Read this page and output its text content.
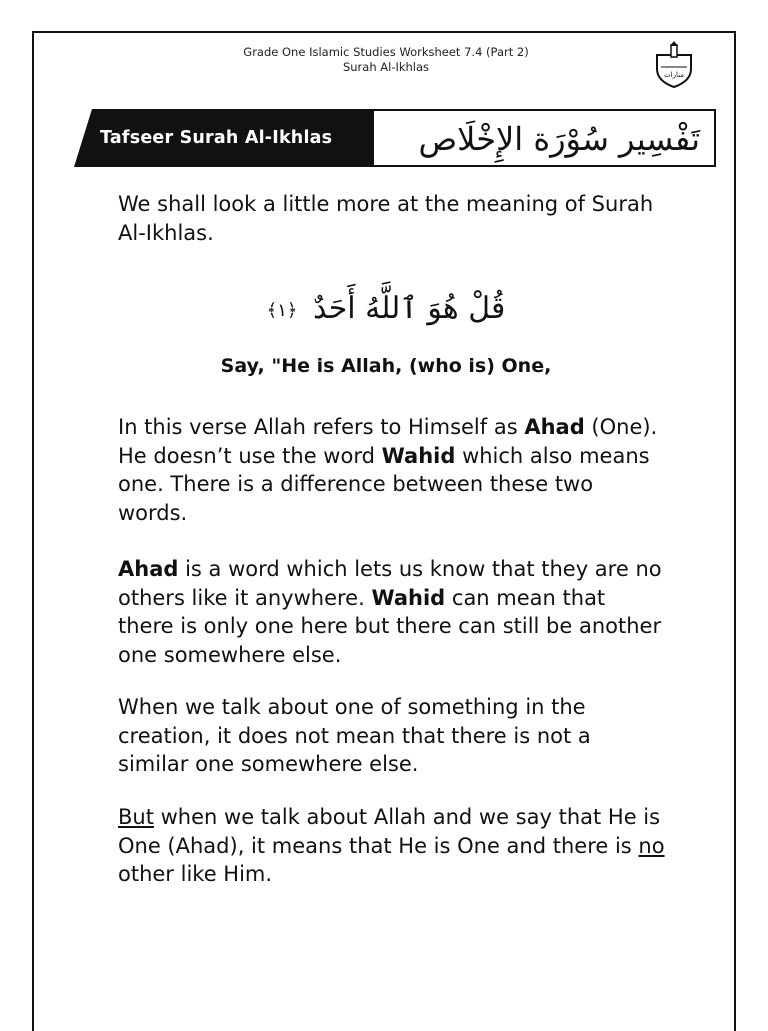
Grade One Islamic Studies Worksheet 7.4 (Part 2)
Surah Al-Ikhlas
منارات
Tafseer Surah Al-Ikhlas	تَفْسِير سُوْرَة الإِخْلَاص
We shall look a little more at the meaning of Surah Al-Ikhlas.
قُلْ هُوَ ٱللَّهُ أَحَدٌ ﴿١﴾
Say, "He is Allah, (who is) One,
In this verse Allah refers to Himself as Ahad (One). He doesn’t use the word Wahid which also means one. There is a difference between these two words.
Ahad is a word which lets us know that they are no others like it anywhere. Wahid can mean that there is only one here but there can still be another one somewhere else.
When we talk about one of something in the creation, it does not mean that there is not a similar one somewhere else.
But when we talk about Allah and we say that He is One (Ahad), it means that He is One and there is no other like Him.
